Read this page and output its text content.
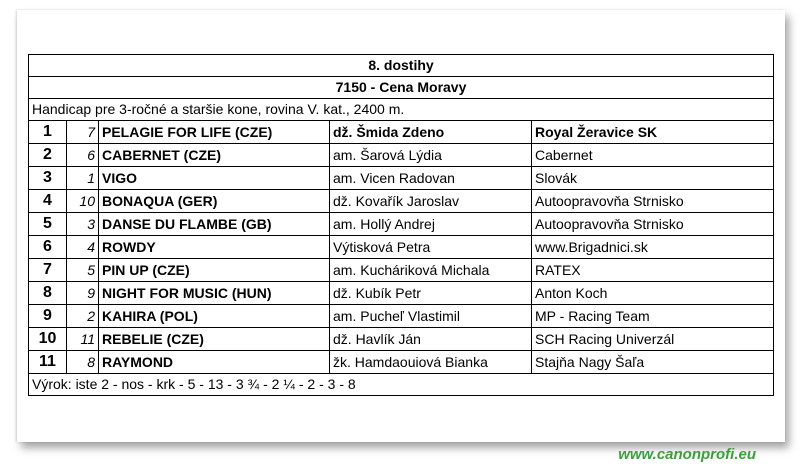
8. dostihy				
7150 - Cena Moravy				
Handicap pre 3-ročné a staršie kone, rovina V. kat., 2400 m.				
1	7	PELAGIE FOR LIFE (CZE)	dž. Šmida Zdeno	Royal Žeravice SK
2	6	CABERNET (CZE)	am. Šarová Lýdia	Cabernet
3	1	VIGO	am. Vicen Radovan	Slovák
4	10	BONAQUA (GER)	dž. Kovařík Jaroslav	Autoopravovňa Strnisko
5	3	DANSE DU FLAMBE (GB)	am. Hollý Andrej	Autoopravovňa Strnisko
6	4	ROWDY	Výtisková Petra	www.Brigadnici.sk
7	5	PIN UP (CZE)	am. Kucháriková Michala	RATEX
8	9	NIGHT FOR MUSIC (HUN)	dž. Kubík Petr	Anton Koch
9	2	KAHIRA (POL)	am. Pucheľ Vlastimil	MP - Racing Team
10	11	REBELIE (CZE)	dž. Havlík Ján	SCH Racing Univerzál
11	8	RAYMOND	žk. Hamdaouiová Bianka	Stajňa Nagy Šaľa
Výrok: iste 2 - nos - krk - 5 - 13 - 3 ¾ - 2 ¼ - 2 - 3 - 8				
www.canonprofi.eu
